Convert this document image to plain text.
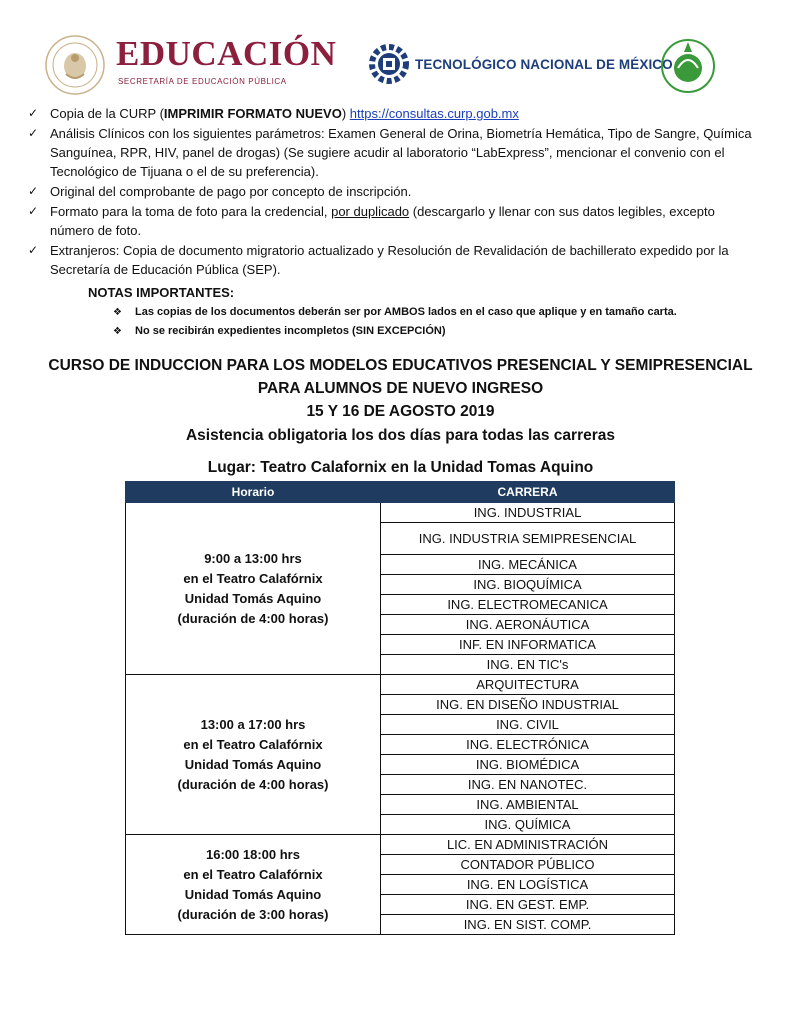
EDUCACIÓN
SECRETARÍA DE EDUCACIÓN PÚBLICA
TECNOLÓGICO NACIONAL DE MÉXICO
✓ Copia de la CURP (IMPRIMIR FORMATO NUEVO) https://consultas.curp.gob.mx
✓ Análisis Clínicos con los siguientes parámetros: Examen General de Orina, Biometría Hemática, Tipo de Sangre, Química Sanguínea, RPR, HIV, panel de drogas) (Se sugiere acudir al laboratorio “LabExpress”, mencionar el convenio con el Tecnológico de Tijuana o el de su preferencia).
✓ Original del comprobante de pago por concepto de inscripción.
✓ Formato para la toma de foto para la credencial, por duplicado (descargarlo y llenar con sus datos legibles, excepto número de foto.
✓ Extranjeros: Copia de documento migratorio actualizado y Resolución de Revalidación de bachillerato expedido por la Secretaría de Educación Pública (SEP).
NOTAS IMPORTANTES:
❖ Las copias de los documentos deberán ser por AMBOS lados en el caso que aplique y en tamaño carta.
❖ No se recibirán expedientes incompletos (SIN EXCEPCIÓN)
CURSO DE INDUCCION PARA LOS MODELOS EDUCATIVOS PRESENCIAL Y SEMIPRESENCIAL
PARA ALUMNOS DE NUEVO INGRESO
15 Y 16 DE AGOSTO 2019
Asistencia obligatoria los dos días para todas las carreras
Lugar: Teatro Calafornix en la Unidad Tomas Aquino
Horario	CARRERA

9:00 a 13:00 hrs
en el Teatro Calafórnix
Unidad Tomás Aquino
(duración de 4:00 horas)	ING. INDUSTRIAL
	ING. INDUSTRIA SEMIPRESENCIAL
	ING. MECÁNICA
	ING. BIOQUÍMICA
	ING. ELECTROMECANICA
	ING. AERONÁUTICA
	INF. EN INFORMATICA
	ING. EN TIC's

13:00 a 17:00 hrs
en el Teatro Calafórnix
Unidad Tomás Aquino
(duración de 4:00 horas)	ARQUITECTURA
	ING. EN DISEÑO INDUSTRIAL
	ING. CIVIL
	ING. ELECTRÓNICA
	ING. BIOMÉDICA
	ING. EN NANOTEC.
	ING. AMBIENTAL
	ING. QUÍMICA

16:00 18:00 hrs
en el Teatro Calafórnix
Unidad Tomás Aquino
(duración de 3:00 horas)	LIC. EN ADMINISTRACIÓN
	CONTADOR PÚBLICO
	ING. EN LOGÍSTICA
	ING. EN GEST. EMP.
	ING. EN SIST. COMP.
